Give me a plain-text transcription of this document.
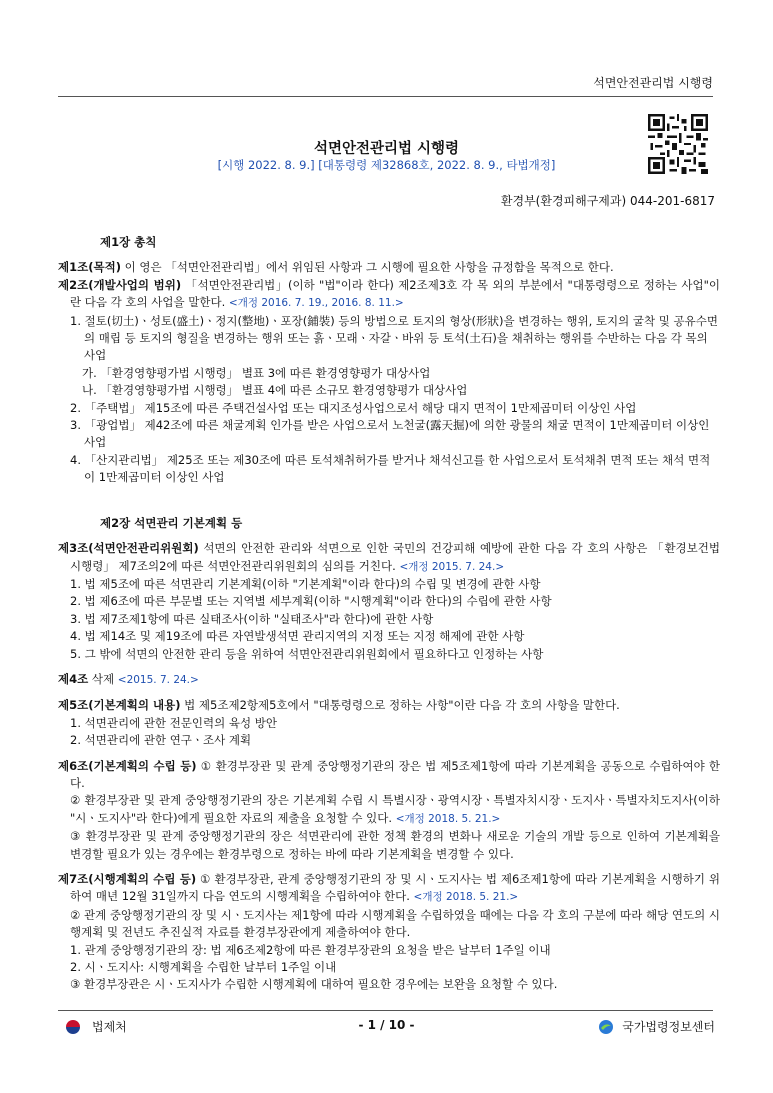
석면안전관리법 시행령
석면안전관리법 시행령
[시행 2022. 8. 9.] [대통령령 제32868호, 2022. 8. 9., 타법개정]
환경부(환경피해구제과) 044-201-6817
제1장 총칙

제1조(목적) 이 영은 「석면안전관리법」에서 위임된 사항과 그 시행에 필요한 사항을 규정함을 목적으로 한다.

제2조(개발사업의 범위) 「석면안전관리법」(이하 "법"이라 한다) 제2조제3호 각 목 외의 부분에서 "대통령령으로 정하는 사업"이란 다음 각 호의 사업을 말한다. <개정 2016. 7. 19., 2016. 8. 11.>

1. 절토(切土)ㆍ성토(盛土)ㆍ정지(整地)ㆍ포장(鋪裝) 등의 방법으로 토지의 형상(形狀)을 변경하는 행위, 토지의 굴착 및 공유수면의 매립 등 토지의 형질을 변경하는 행위 또는 흙ㆍ모래ㆍ자갈ㆍ바위 등 토석(土石)을 채취하는 행위를 수반하는 다음 각 목의 사업

가. 「환경영향평가법 시행령」 별표 3에 따른 환경영향평가 대상사업

나. 「환경영향평가법 시행령」 별표 4에 따른 소규모 환경영향평가 대상사업

2. 「주택법」 제15조에 따른 주택건설사업 또는 대지조성사업으로서 해당 대지 면적이 1만제곱미터 이상인 사업

3. 「광업법」 제42조에 따른 채굴계획 인가를 받은 사업으로서 노천굴(露天掘)에 의한 광물의 채굴 면적이 1만제곱미터 이상인 사업

4. 「산지관리법」 제25조 또는 제30조에 따른 토석채취허가를 받거나 채석신고를 한 사업으로서 토석채취 면적 또는 채석 면적이 1만제곱미터 이상인 사업

제2장 석면관리 기본계획 등

제3조(석면안전관리위원회) 석면의 안전한 관리와 석면으로 인한 국민의 건강피해 예방에 관한 다음 각 호의 사항은 「환경보건법 시행령」 제7조의2에 따른 석면안전관리위원회의 심의를 거친다. <개정 2015. 7. 24.>

1. 법 제5조에 따른 석면관리 기본계획(이하 "기본계획"이라 한다)의 수립 및 변경에 관한 사항

2. 법 제6조에 따른 부문별 또는 지역별 세부계획(이하 "시행계획"이라 한다)의 수립에 관한 사항

3. 법 제7조제1항에 따른 실태조사(이하 "실태조사"라 한다)에 관한 사항

4. 법 제14조 및 제19조에 따른 자연발생석면 관리지역의 지정 또는 지정 해제에 관한 사항

5. 그 밖에 석면의 안전한 관리 등을 위하여 석면안전관리위원회에서 필요하다고 인정하는 사항

제4조 삭제 <2015. 7. 24.>

제5조(기본계획의 내용) 법 제5조제2항제5호에서 "대통령령으로 정하는 사항"이란 다음 각 호의 사항을 말한다.

1. 석면관리에 관한 전문인력의 육성 방안

2. 석면관리에 관한 연구ㆍ조사 계획

제6조(기본계획의 수립 등) ① 환경부장관 및 관계 중앙행정기관의 장은 법 제5조제1항에 따라 기본계획을 공동으로 수립하여야 한다.

② 환경부장관 및 관계 중앙행정기관의 장은 기본계획 수립 시 특별시장ㆍ광역시장ㆍ특별자치시장ㆍ도지사ㆍ특별자치도지사(이하 "시ㆍ도지사"라 한다)에게 필요한 자료의 제출을 요청할 수 있다. <개정 2018. 5. 21.>

③ 환경부장관 및 관계 중앙행정기관의 장은 석면관리에 관한 정책 환경의 변화나 새로운 기술의 개발 등으로 인하여 기본계획을 변경할 필요가 있는 경우에는 환경부령으로 정하는 바에 따라 기본계획을 변경할 수 있다.

제7조(시행계획의 수립 등) ① 환경부장관, 관계 중앙행정기관의 장 및 시ㆍ도지사는 법 제6조제1항에 따라 기본계획을 시행하기 위하여 매년 12월 31일까지 다음 연도의 시행계획을 수립하여야 한다. <개정 2018. 5. 21.>

② 관계 중앙행정기관의 장 및 시ㆍ도지사는 제1항에 따라 시행계획을 수립하였을 때에는 다음 각 호의 구분에 따라 해당 연도의 시행계획 및 전년도 추진실적 자료를 환경부장관에게 제출하여야 한다.

1. 관계 중앙행정기관의 장: 법 제6조제2항에 따른 환경부장관의 요청을 받은 날부터 1주일 이내

2. 시ㆍ도지사: 시행계획을 수립한 날부터 1주일 이내

③ 환경부장관은 시ㆍ도지사가 수립한 시행계획에 대하여 필요한 경우에는 보완을 요청할 수 있다.

법제처	- 1 / 10 -	국가법령정보센터
